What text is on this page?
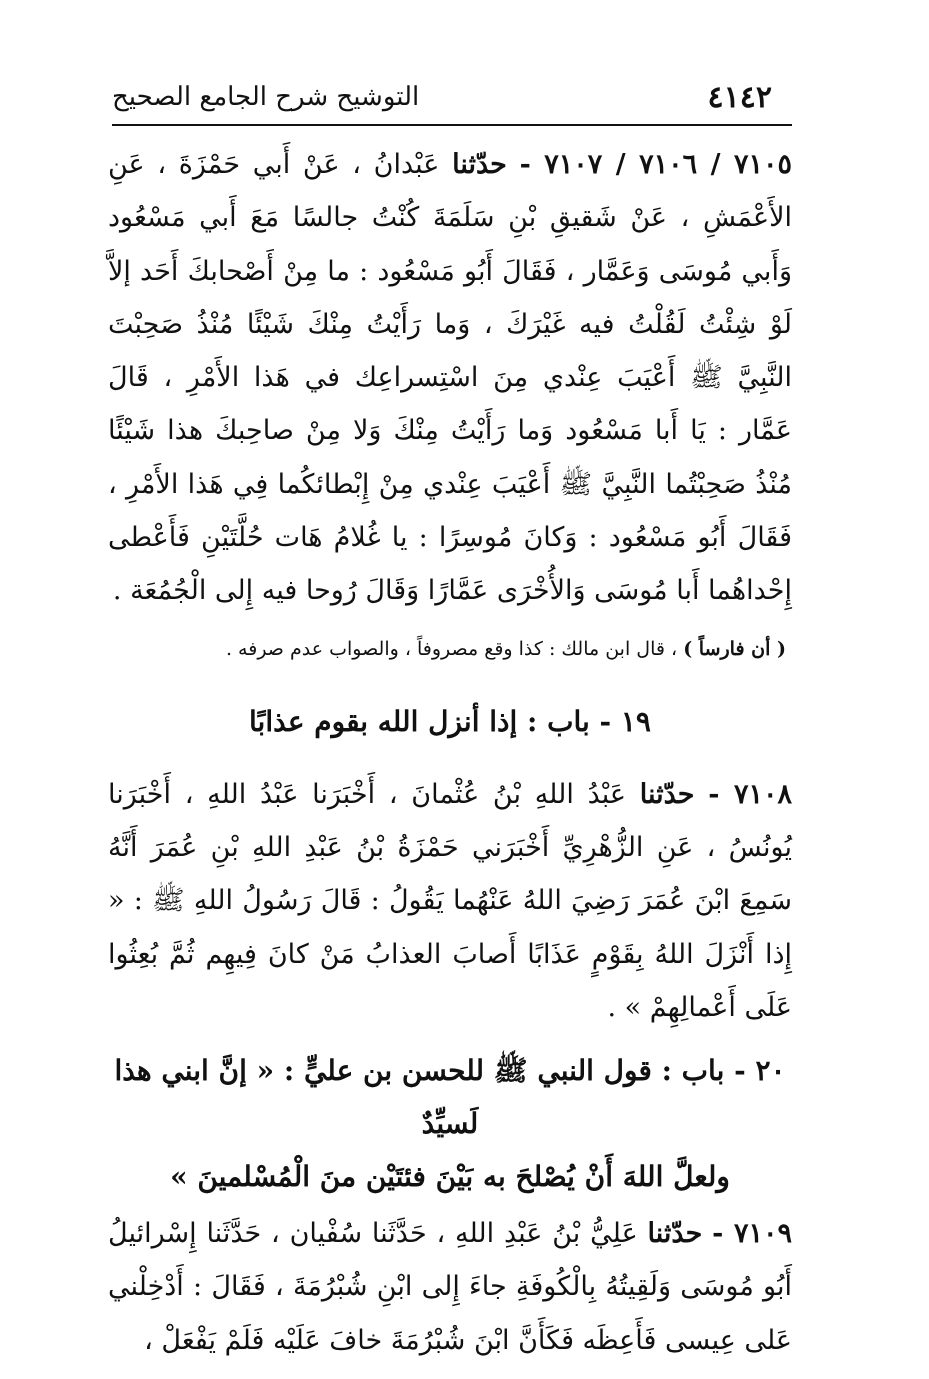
٤١٤٢
التوشيح شرح الجامع الصحيح

٧١٠٥ / ٧١٠٦ / ٧١٠٧ - حدّثنا عَبْدانُ ، عَنْ أَبي حَمْزَةَ ، عَنِ الأَعْمَشِ ، عَنْ شَقيقِ بْنِ سَلَمَةَ كُنْتُ جالسًا مَعَ أَبي مَسْعُود وَأَبي مُوسَى وَعَمَّار ، فَقَالَ أَبُو مَسْعُود : ما مِنْ أَصْحابكَ أَحَد إلاَّ لَوْ شِئْتُ لَقُلْتُ فيه غَيْرَكَ ، وَما رَأَيْتُ مِنْكَ شَيْئًا مُنْذُ صَحِبْتَ النَّبِيَّ ﷺ أَعْيَبَ عِنْدي مِنَ اسْتِسراعِك في هَذا الأَمْرِ ، قَالَ عَمَّار : يَا أَبا مَسْعُود وَما رَأَيْتُ مِنْكَ وَلا مِنْ صاحِبكَ هذا شَيْئًا مُنْذُ صَحِبْتُما النَّبِيَّ ﷺ أَعْيَبَ عِنْدي مِنْ إِبْطائكُما فِي هَذا الأَمْرِ ، فَقَالَ أَبُو مَسْعُود : وَكانَ مُوسِرًا : يا غُلامُ هَات حُلَّتَيْنِ فَأَعْطى إِحْداهُما أَبا مُوسَى وَالأُخْرَى عَمَّارًا وَقَالَ رُوحا فيه إِلى الْجُمُعَة .

( أن فارساً ) ، قال ابن مالك : كذا وقع مصروفاً ، والصواب عدم صرفه .

١٩ - باب : إذا أنزل الله بقوم عذابًا

٧١٠٨ - حدّثنا عَبْدُ اللهِ بْنُ عُثْمانَ ، أَخْبَرَنا عَبْدُ اللهِ ، أَخْبَرَنا يُونُسُ ، عَنِ الزُّهْرِيِّ أَخْبَرَني حَمْزَةُ بْنُ عَبْدِ اللهِ بْنِ عُمَرَ أَنَّهُ سَمِعَ ابْنَ عُمَرَ رَضِيَ اللهُ عَنْهُما يَقُولُ : قَالَ رَسُولُ اللهِ ﷺ : « إِذا أَنْزَلَ اللهُ بِقَوْمٍ عَذَابًا أَصابَ العذابُ مَنْ كانَ فِيهِم ثُمَّ بُعِثُوا عَلَى أَعْمالِهِمْ » .

٢٠ - باب : قول النبي ﷺ للحسن بن عليٍّ : « إنَّ ابني هذا لَسيِّدٌ

ولعلَّ اللهَ أَنْ يُصْلحَ به بَيْنَ فئتَيْن منَ الْمُسْلمينَ »

٧١٠٩ - حدّثنا عَلِيُّ بْنُ عَبْدِ اللهِ ، حَدَّثَنا سُفْيان ، حَدَّثَنا إِسْرائيلُ أَبُو مُوسَى وَلَقِيتُهُ بِالْكُوفَةِ جاءَ إِلى ابْنِ شُبْرُمَةَ ، فَقَالَ : أَدْخِلْني عَلى عِيسى فَأَعِظَه فَكَأَنَّ ابْنَ شُبْرُمَةَ خافَ عَلَيْه فَلَمْ يَفْعَلْ ،
